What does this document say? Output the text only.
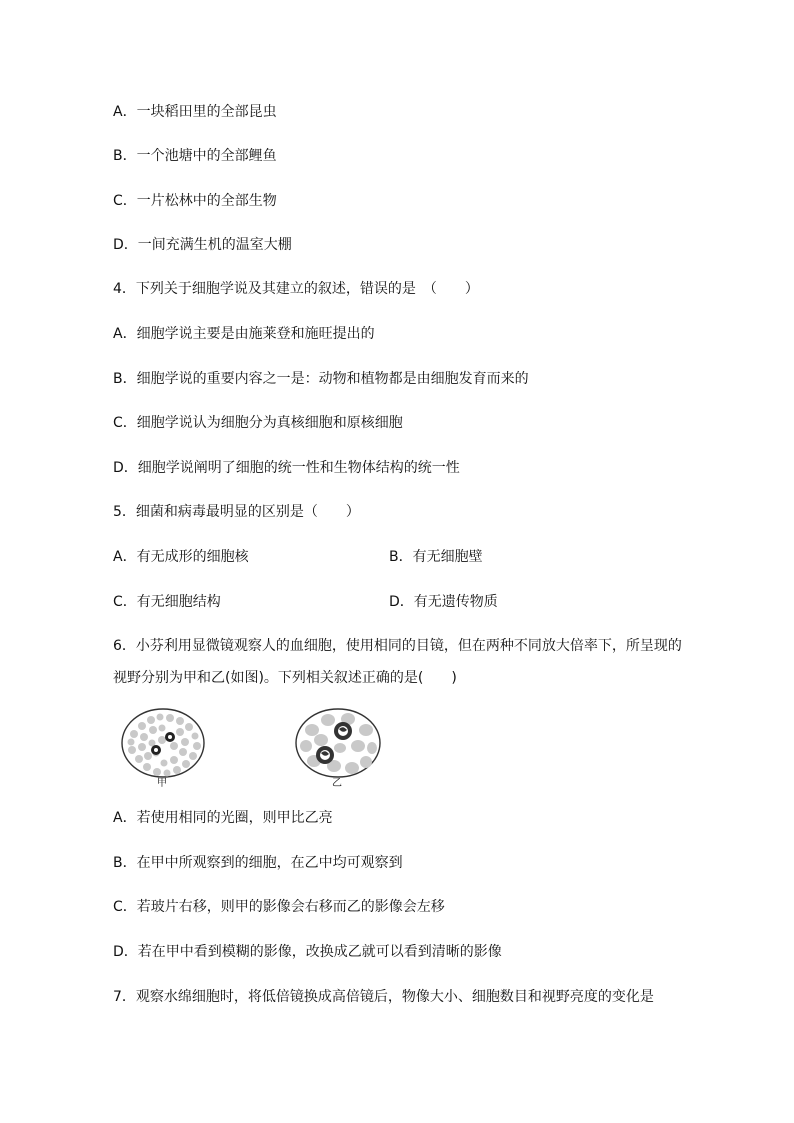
A．一块稻田里的全部昆虫
B．一个池塘中的全部鲤鱼
C．一片松林中的全部生物
D．一间充满生机的温室大棚
4．下列关于细胞学说及其建立的叙述，错误的是　（　　）
A．细胞学说主要是由施莱登和施旺提出的
B．细胞学说的重要内容之一是：动物和植物都是由细胞发育而来的
C．细胞学说认为细胞分为真核细胞和原核细胞
D．细胞学说阐明了细胞的统一性和生物体结构的统一性
5．细菌和病毒最明显的区别是（　　）
A．有无成形的细胞核	B．有无细胞壁
C．有无细胞结构	D．有无遗传物质
6．小芬利用显微镜观察人的血细胞，使用相同的目镜，但在两种不同放大倍率下，所呈现的
视野分别为甲和乙(如图)。下列相关叙述正确的是(　　)
甲	乙
A．若使用相同的光圈，则甲比乙亮
B．在甲中所观察到的细胞，在乙中均可观察到
C．若玻片右移，则甲的影像会右移而乙的影像会左移
D．若在甲中看到模糊的影像，改换成乙就可以看到清晰的影像
7．观察水绵细胞时，将低倍镜换成高倍镜后，物像大小、细胞数目和视野亮度的变化是
